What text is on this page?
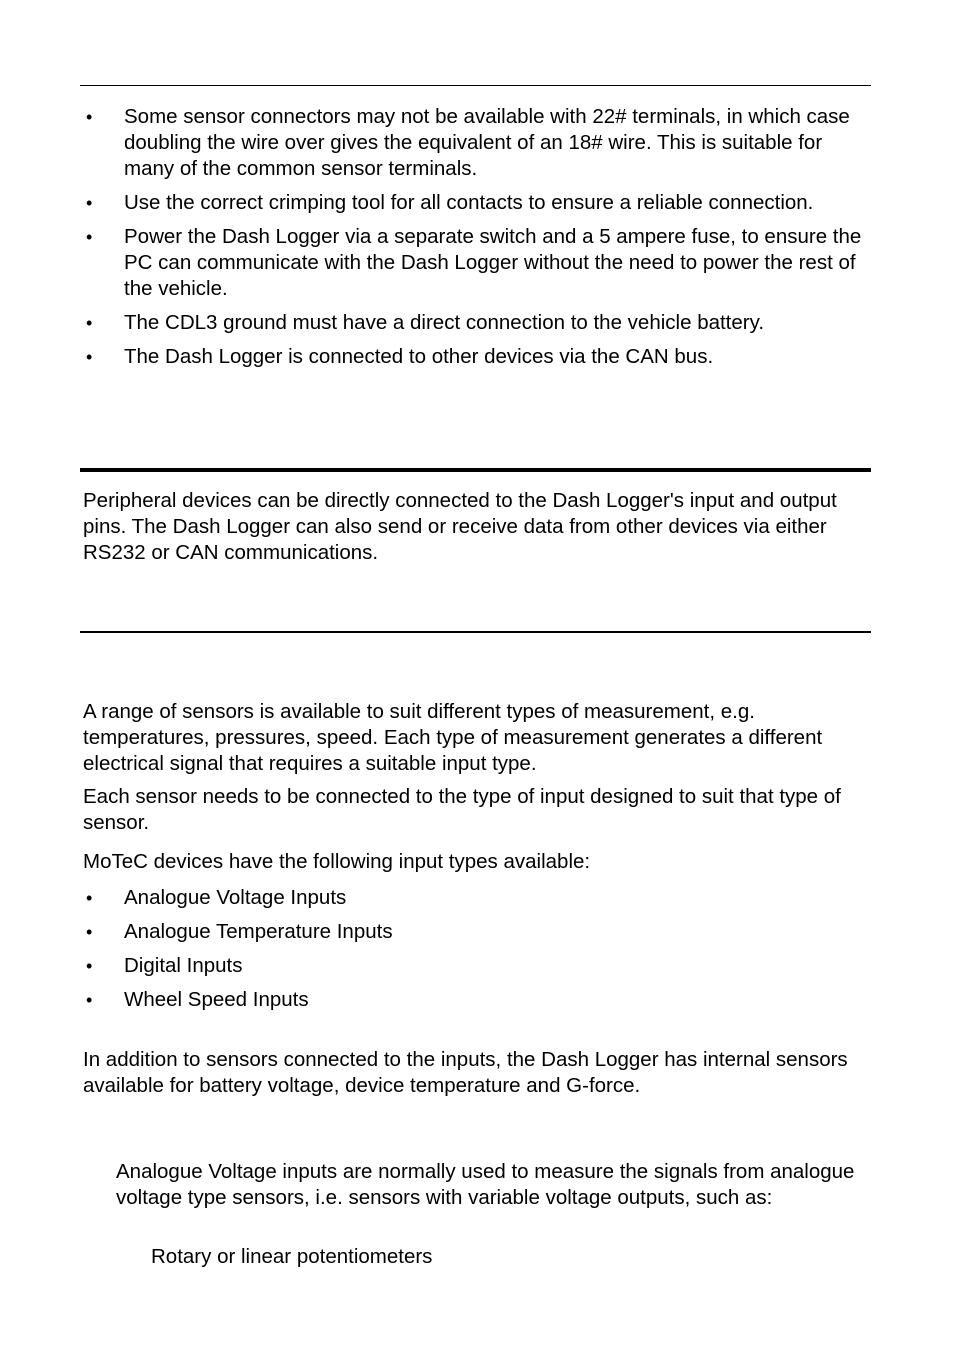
• Some sensor connectors may not be available with 22# terminals, in which case doubling the wire over gives the equivalent of an 18# wire. This is suitable for many of the common sensor terminals.
• Use the correct crimping tool for all contacts to ensure a reliable connection.
• Power the Dash Logger via a separate switch and a 5 ampere fuse, to ensure the PC can communicate with the Dash Logger without the need to power the rest of the vehicle.
• The CDL3 ground must have a direct connection to the vehicle battery.
• The Dash Logger is connected to other devices via the CAN bus.

Peripheral devices can be directly connected to the Dash Logger's input and output pins. The Dash Logger can also send or receive data from other devices via either RS232 or CAN communications.

A range of sensors is available to suit different types of measurement, e.g. temperatures, pressures, speed. Each type of measurement generates a different electrical signal that requires a suitable input type.

Each sensor needs to be connected to the type of input designed to suit that type of sensor.

MoTeC devices have the following input types available:

• Analogue Voltage Inputs
• Analogue Temperature Inputs
• Digital Inputs
• Wheel Speed Inputs

In addition to sensors connected to the inputs, the Dash Logger has internal sensors available for battery voltage, device temperature and G-force.

Analogue Voltage inputs are normally used to measure the signals from analogue voltage type sensors, i.e. sensors with variable voltage outputs, such as:

Rotary or linear potentiometers
